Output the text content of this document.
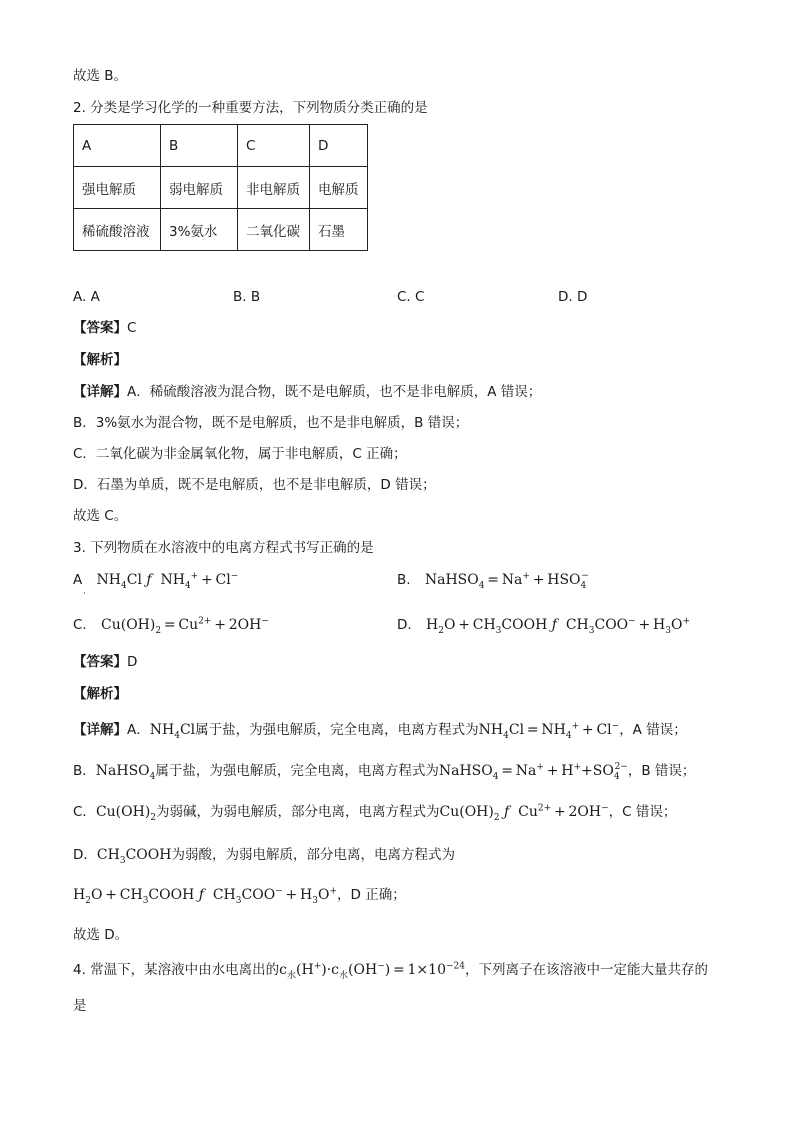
故选 B。
2. 分类是学习化学的一种重要方法，下列物质分类正确的是
A	B	C	D
强电解质	弱电解质	非电解质	电解质
稀硫酸溶液	3%氨水	二氧化碳	石墨
A. A	B. B	C. C	D. D
【答案】C
【解析】
【详解】A．稀硫酸溶液为混合物，既不是电解质，也不是非电解质，A 错误；
B．3%氨水为混合物，既不是电解质，也不是非电解质，B 错误；
C．二氧化碳为非金属氧化物，属于非电解质，C 正确；
D．石墨为单质，既不是电解质，也不是非电解质，D 错误；
故选 C。
3. 下列物质在水溶液中的电离方程式书写正确的是
A $NH_4Cl$ ƒ  $NH_4^+ + Cl^-$
·
B. NaHSO$_4$ = $Na^+ + HSO_4^-$
C. $Cu(OH)_2 = Cu^{2+} + 2OH^-$	D. $H_2O$ + $CH_3COOH$ ƒ  $CH_3COO^- + H_3O^+$
【答案】D
【解析】
【详解】A．$NH_4Cl$属于盐，为强电解质，完全电离，电离方程式为$NH_4Cl = NH_4^+ + Cl^-$，A 错误；
B．NaHSO$_4$属于盐，为强电解质，完全电离，电离方程式为NaHSO$_4$ = $Na^+ + H^++SO_4^{2-}$，B 错误；
C．$Cu(OH)_2$为弱碱，为弱电解质，部分电离，电离方程式为$Cu(OH)_2$ ƒ  $Cu^{2+} + 2OH^-$，C 错误；
D．$CH_3COOH$为弱酸，为弱电解质，部分电离，电离方程式为
$H_2O$ + $CH_3COOH$ ƒ  $CH_3COO^- + H_3O^+$，D 正确；
故选 D。
4. 常温下，某溶液中由水电离出的$c_水(H^+)\cdot c_水(OH^-) = 1\times 10^{-24}$，下列离子在该溶液中一定能大量共存的
是
